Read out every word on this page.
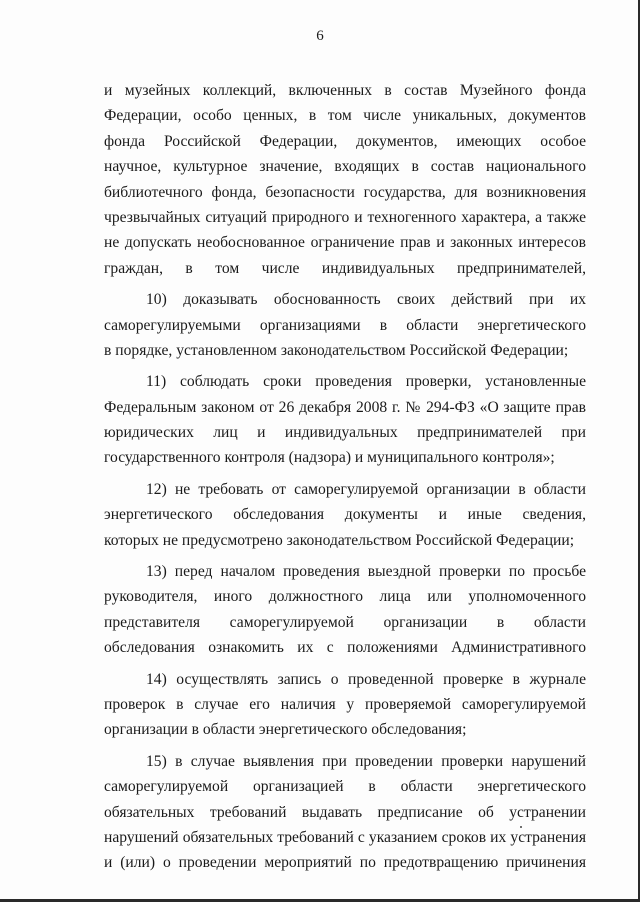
6
и музейных коллекций, включенных в состав Музейного фонда
Федерации, особо ценных, в том числе уникальных, документов
фонда Российской Федерации, документов, имеющих особое
научное, культурное значение, входящих в состав национального
библиотечного фонда, безопасности государства, для возникновения
чрезвычайных ситуаций природного и техногенного характера, а также
не допускать необоснованное ограничение прав и законных интересов
граждан, в том числе индивидуальных предпринимателей,
10) доказывать обоснованность своих действий при их
саморегулируемыми организациями в области энергетического
в порядке, установленном законодательством Российской Федерации;
11) соблюдать сроки проведения проверки, установленные
Федеральным законом от 26 декабря 2008 г. № 294-ФЗ «О защите прав
юридических лиц и индивидуальных предпринимателей при
государственного контроля (надзора) и муниципального контроля»;
12) не требовать от саморегулируемой организации в области
энергетического обследования документы и иные сведения,
которых не предусмотрено законодательством Российской Федерации;
13) перед началом проведения выездной проверки по просьбе
руководителя, иного должностного лица или уполномоченного
представителя саморегулируемой организации в области
обследования ознакомить их с положениями Административного
14) осуществлять запись о проведенной проверке в журнале
проверок в случае его наличия у проверяемой саморегулируемой
организации в области энергетического обследования;
15) в случае выявления при проведении проверки нарушений
саморегулируемой организацией в области энергетического
обязательных требований выдавать предписание об устранении
нарушений обязательных требований с указанием сроков их устранения
и (или) о проведении мероприятий по предотвращению причинения
